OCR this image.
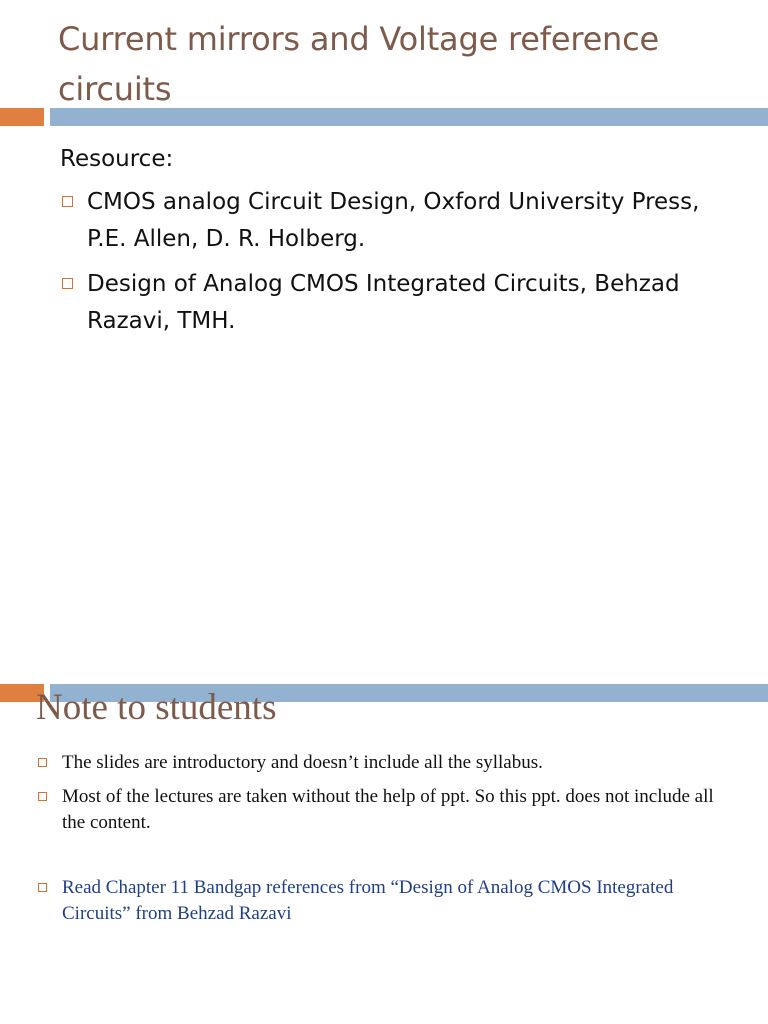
Current mirrors and Voltage reference circuits
Resource:
CMOS analog Circuit Design, Oxford University Press, P.E. Allen, D. R. Holberg.
Design of Analog CMOS Integrated Circuits, Behzad Razavi, TMH.
Note to students
The slides are introductory and doesn’t include all the syllabus.
Most of the lectures are taken without the help of ppt. So this ppt. does not include all the content.
Read Chapter 11 Bandgap references from “Design of Analog CMOS Integrated Circuits” from Behzad Razavi
